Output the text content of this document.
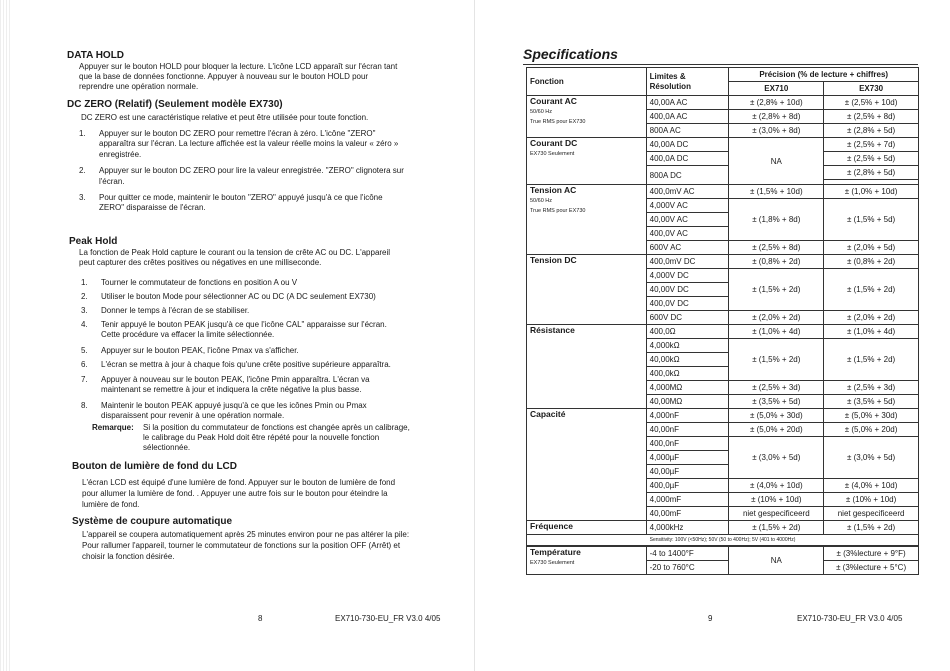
DATA HOLD

Appuyer sur le bouton HOLD pour bloquer la lecture. L'icône LCD apparaît sur l'écran tant

que la base de données fonctionne. Appuyer à nouveau sur le bouton HOLD pour

reprendre une opération normale.

DC ZERO (Relatif) (Seulement modèle EX730)

DC ZERO est une caractéristique relative et peut être utilisée pour toute fonction.

1. Appuyer sur le bouton DC ZERO pour remettre l'écran à zéro. L'icône "ZERO"

apparaîtra sur l'écran. La lecture affichée est la valeur réelle moins la valeur « zéro »

enregistrée.

2. Appuyer sur le bouton DC ZERO pour lire la valeur enregistrée. "ZERO" clignotera sur

l'écran.

3. Pour quitter ce mode, maintenir le bouton "ZERO" appuyé jusqu'à ce que l'icône

ZERO" disparaisse de l'écran.

Peak Hold

La fonction de Peak Hold capture le courant ou la tension de crête AC ou DC. L'appareil

peut capturer des crêtes positives ou négatives en une milliseconde.

1. Tourner le commutateur de fonctions en position A ou V

2. Utiliser le bouton Mode pour sélectionner AC ou DC (A DC seulement EX730)

3. Donner le temps à l'écran de se stabiliser.

4. Tenir appuyé le bouton PEAK jusqu'à ce que l'icône CAL" apparaisse sur l'écran.

Cette procédure va effacer la limite sélectionnée.

5. Appuyer sur le bouton PEAK, l'icône Pmax va s'afficher.

6. L'écran se mettra à jour à chaque fois qu'une crête positive supérieure apparaîtra.

7. Appuyer à nouveau sur le bouton PEAK, l'icône Pmin apparaîtra. L'écran va

maintenant se remettre à jour et indiquera la crête négative la plus basse.

8. Maintenir le bouton PEAK appuyé jusqu'à ce que les icônes Pmin ou Pmax

disparaissent pour revenir à une opération normale.

Remarque: Si la position du commutateur de fonctions est changée après un calibrage,

le calibrage du Peak Hold doit être répété pour la nouvelle fonction

sélectionnée.

Bouton de lumière de fond du LCD

L'écran LCD est équipé d'une lumière de fond. Appuyer sur le bouton de lumière de fond

pour allumer la lumière de fond. . Appuyer une autre fois sur le bouton pour éteindre la

lumière de fond.

Système de coupure automatique

L'appareil se coupera automatiquement après 25 minutes environ pour ne pas altérer la pile:

Pour rallumer l'appareil, tourner le commutateur de fonctions sur la position OFF (Arrêt) et

choisir la fonction désirée.

8	EX710-730-EU_FR V3.0 4/05
Specifications
Fonction	Limites &
Résolution	Précision (% de lecture + chiffres)	
		EX710	EX730

Courant AC
50/60 Hz
True RMS pour EX730	40,00A AC	± (2,8% + 10d)	± (2,5% + 10d)
	400,0A AC	± (2,8% + 8d)	± (2,5% + 8d)
	800A AC	± (3,0% + 8d)	± (2,8% + 5d)

Courant DC
EX730 Seulement	40,00A DC	NA	± (2,5% + 7d)
	400,0A DC		± (2,5% + 5d)
	800A DC		± (2,8% + 5d)

Tension AC
50/60 Hz
True RMS pour EX730	400,0mV AC	± (1,5% + 10d)	± (1,0% + 10d)
	4,000V AC	± (1,8% + 8d)	± (1,5% + 5d)
	40,00V AC		
	400,0V AC		
	600V AC	± (2,5% + 8d)	± (2,0% + 5d)

Tension DC	400,0mV DC	± (0,8% + 2d)	± (0,8% + 2d)
	4,000V DC	± (1,5% + 2d)	± (1,5% + 2d)
	40,00V DC		
	400,0V DC		
	600V DC	± (2,0% + 2d)	± (2,0% + 2d)

Résistance	400,0Ω	± (1,0% + 4d)	± (1,0% + 4d)
	4,000kΩ	± (1,5% + 2d)	± (1,5% + 2d)
	40,00kΩ		
	400,0kΩ		
	4,000MΩ	± (2,5% + 3d)	± (2,5% + 3d)
	40,00MΩ	± (3,5% + 5d)	± (3,5% + 5d)

Capacité	4,000nF	± (5,0% + 30d)	± (5,0% + 30d)
	40,00nF	± (5,0% + 20d)	± (5,0% + 20d)
	400,0nF	± (3,0% + 5d)	± (3,0% + 5d)
	4,000µF		
	40,00µF		
	400,0µF	± (4,0% + 10d)	± (4,0% + 10d)
	4,000mF	± (10% + 10d)	± (10% + 10d)
	40,00mF	niet gespecificeerd	niet gespecificeerd

Fréquence	4,000kHz	± (1,5% + 2d)	± (1,5% + 2d)
Sensitivity: 100V (<50Hz); 50V (50 to 400Hz); 5V (401 to 4000Hz)			

Température
EX730 Seulement	-4 to 1400°F	NA	± (3%lecture + 9°F)
	-20 to 760°C		± (3%lecture + 5°C)
9	EX710-730-EU_FR V3.0 4/05
